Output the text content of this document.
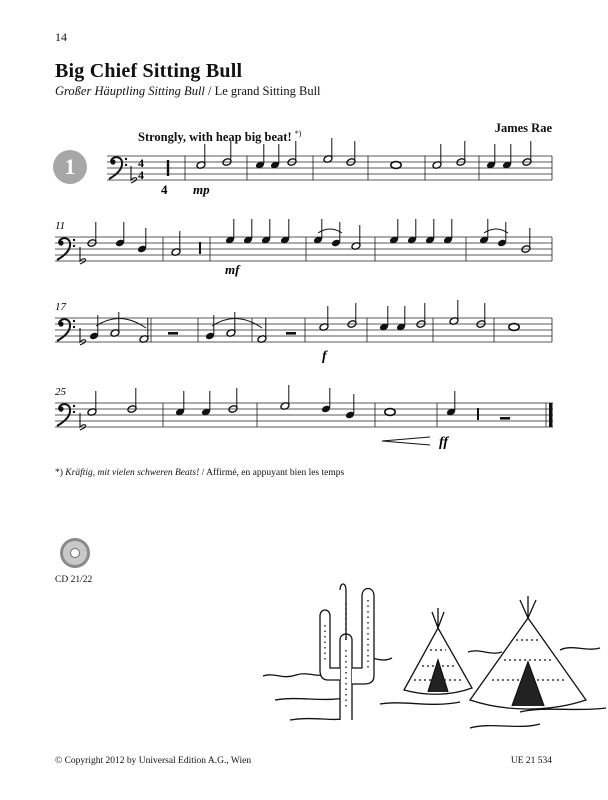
14
Big Chief Sitting Bull
Großer Häuptling Sitting Bull / Le grand Sitting Bull
James Rae
Strongly, with heap big beat! *)
1	4
4
4 mp
11
mf
17
f
25
ff
*) Kräftig, mit vielen schweren Beats! / Affirmé, en appuyant bien les temps
CD 21/22
© Copyright 2012 by Universal Edition A.G., Wien	UE 21 534
